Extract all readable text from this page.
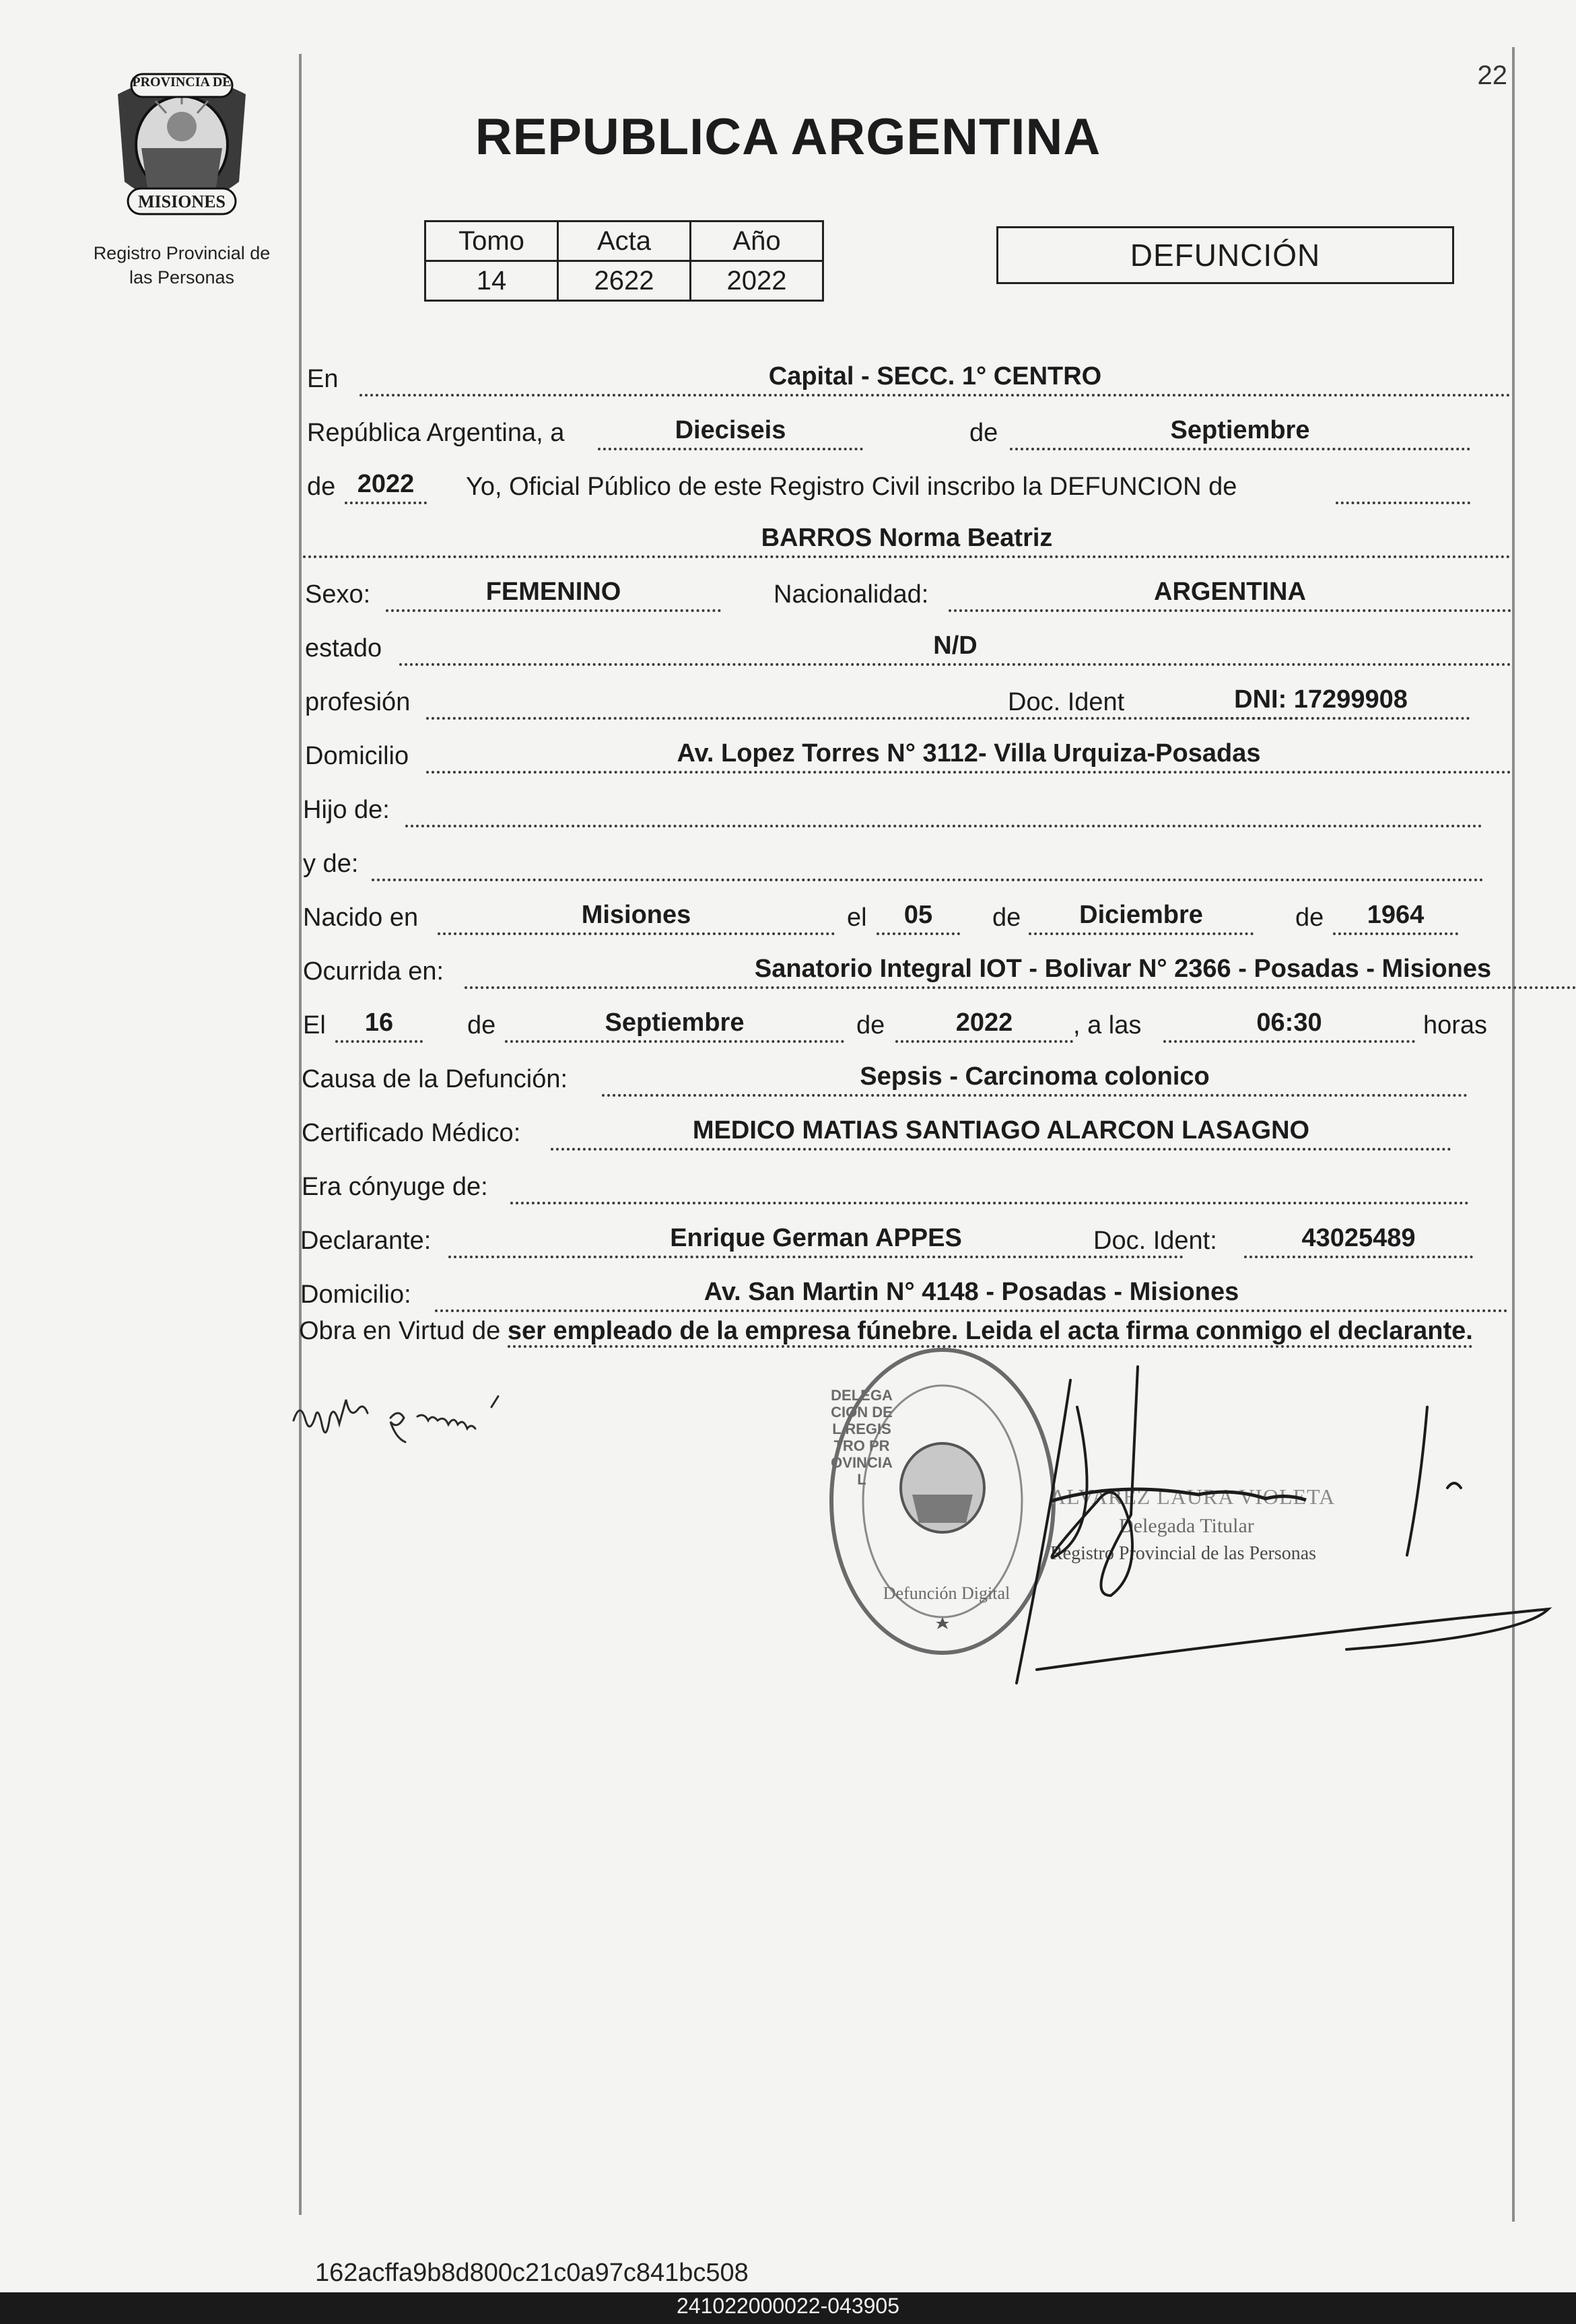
22
PROVINCIA DE
MISIONES
Registro Provincial de
las Personas
REPUBLICA ARGENTINA
Tomo	Acta	Año
14	2622	2022
DEFUNCIÓN
En	Capital - SECC. 1° CENTRO
República Argentina, a	Dieciseis	de	Septiembre
de 2022	Yo, Oficial Público de este Registro Civil inscribo la DEFUNCION de
BARROS Norma Beatriz
Sexo:	FEMENINO	Nacionalidad:	ARGENTINA
estado	N/D
profesión	Doc. Ident	DNI: 17299908
Domicilio	Av. Lopez Torres N° 3112- Villa Urquiza-Posadas
Hijo de:
y de:
Nacido en	Misiones	el	05	de	Diciembre	de	1964
Ocurrida en:	Sanatorio Integral IOT - Bolivar N° 2366 - Posadas - Misiones
El	16	de	Septiembre	de	2022	, a las	06:30	horas
Causa de la Defunción:	Sepsis - Carcinoma colonico
Certificado Médico:	MEDICO MATIAS SANTIAGO ALARCON LASAGNO
Era cónyuge de:
Declarante:	Enrique German APPES	Doc. Ident:	43025489
Domicilio:	Av. San Martin N° 4148 - Posadas - Misiones
Obra en Virtud de ser empleado de la empresa fúnebre. Leida el acta firma conmigo el declarante.
DELEGACION DEL REGISTRO PROVINCIAL
Defunción Digital
ALVAREZ LAURA VIOLETA
Delegada Titular
Registro Provincial de las Personas
162acffa9b8d800c21c0a97c841bc508
241022000022-043905
